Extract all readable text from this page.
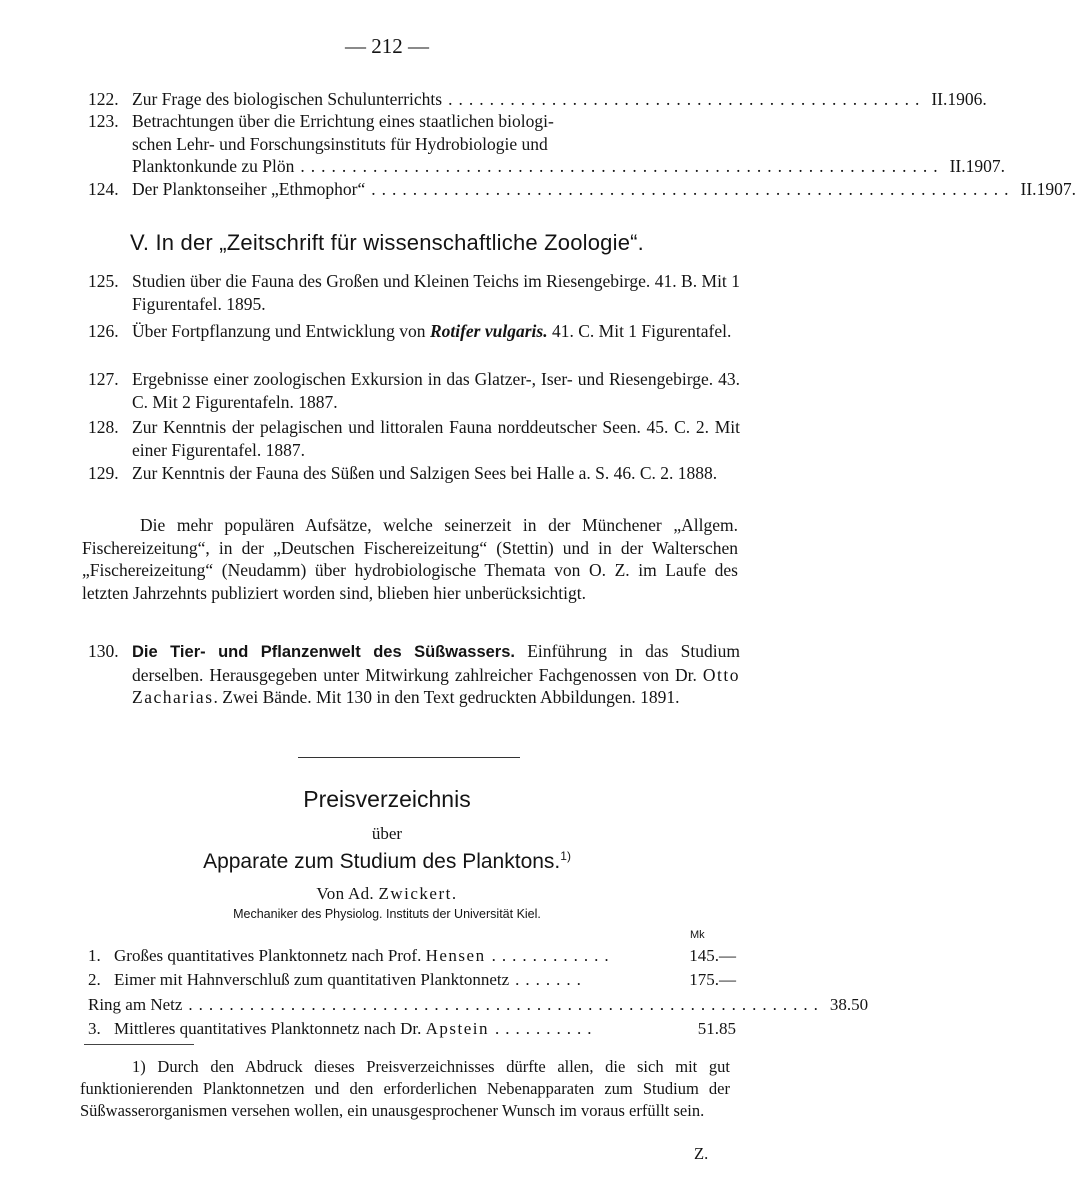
— 212 —
122. Zur Frage des biologischen Schulunterrichts .............................................. II. 1906.
123. Betrachtungen über die Errichtung eines staatlichen biologi-
schen Lehr- und Forschungsinstituts für Hydrobiologie und
Planktonkunde zu Plön .............................................................. II. 1907.
124. Der Planktonseiher „Ethmophor“ .............................................................. II. 1907.
V. In der „Zeitschrift für wissenschaftliche Zoologie“.
125. Studien über die Fauna des Großen und Kleinen Teichs im Riesengebirge. 41. B. Mit 1 Figurentafel. 1895.
126. Über Fortpflanzung und Entwicklung von Rotifer vulgaris. 41. C. Mit 1 Figurentafel.
127. Ergebnisse einer zoologischen Exkursion in das Glatzer-, Iser- und Riesengebirge. 43. C. Mit 2 Figurentafeln. 1887.
128. Zur Kenntnis der pelagischen und littoralen Fauna norddeutscher Seen. 45. C. 2. Mit einer Figurentafel. 1887.
129. Zur Kenntnis der Fauna des Süßen und Salzigen Sees bei Halle a. S. 46. C. 2. 1888.
Die mehr populären Aufsätze, welche seinerzeit in der Münchener „Allgem. Fischereizeitung“, in der „Deutschen Fischereizeitung“ (Stettin) und in der Walterschen „Fischereizeitung“ (Neudamm) über hydrobiologische Themata von O. Z. im Laufe des letzten Jahrzehnts publiziert worden sind, blieben hier unberücksichtigt.
130. Die Tier- und Pflanzenwelt des Süßwassers. Einführung in das Studium derselben. Herausgegeben unter Mitwirkung zahlreicher Fachgenossen von Dr. Otto Zacharias. Zwei Bände. Mit 130 in den Text gedruckten Abbildungen. 1891.
Preisverzeichnis
über
Apparate zum Studium des Planktons.$^{1)}$
Von Ad. Zwickert.
Mechaniker des Physiolog. Instituts der Universität Kiel.
Mk
1. Großes quantitatives Planktonnetz nach Prof. Hensen ............	145.—
2. Eimer mit Hahnverschluß zum quantitativen Planktonnetz .......	175.—
Ring am Netz .............................................................. 38.50
3. Mittleres quantitatives Planktonnetz nach Dr. Apstein ..........	51.85
1) Durch den Abdruck dieses Preisverzeichnisses dürfte allen, die sich mit gut funktionierenden Planktonnetzen und den erforderlichen Nebenapparaten zum Studium der Süßwasserorganismen versehen wollen, ein unausgesprochener Wunsch im voraus erfüllt sein.
Z.
